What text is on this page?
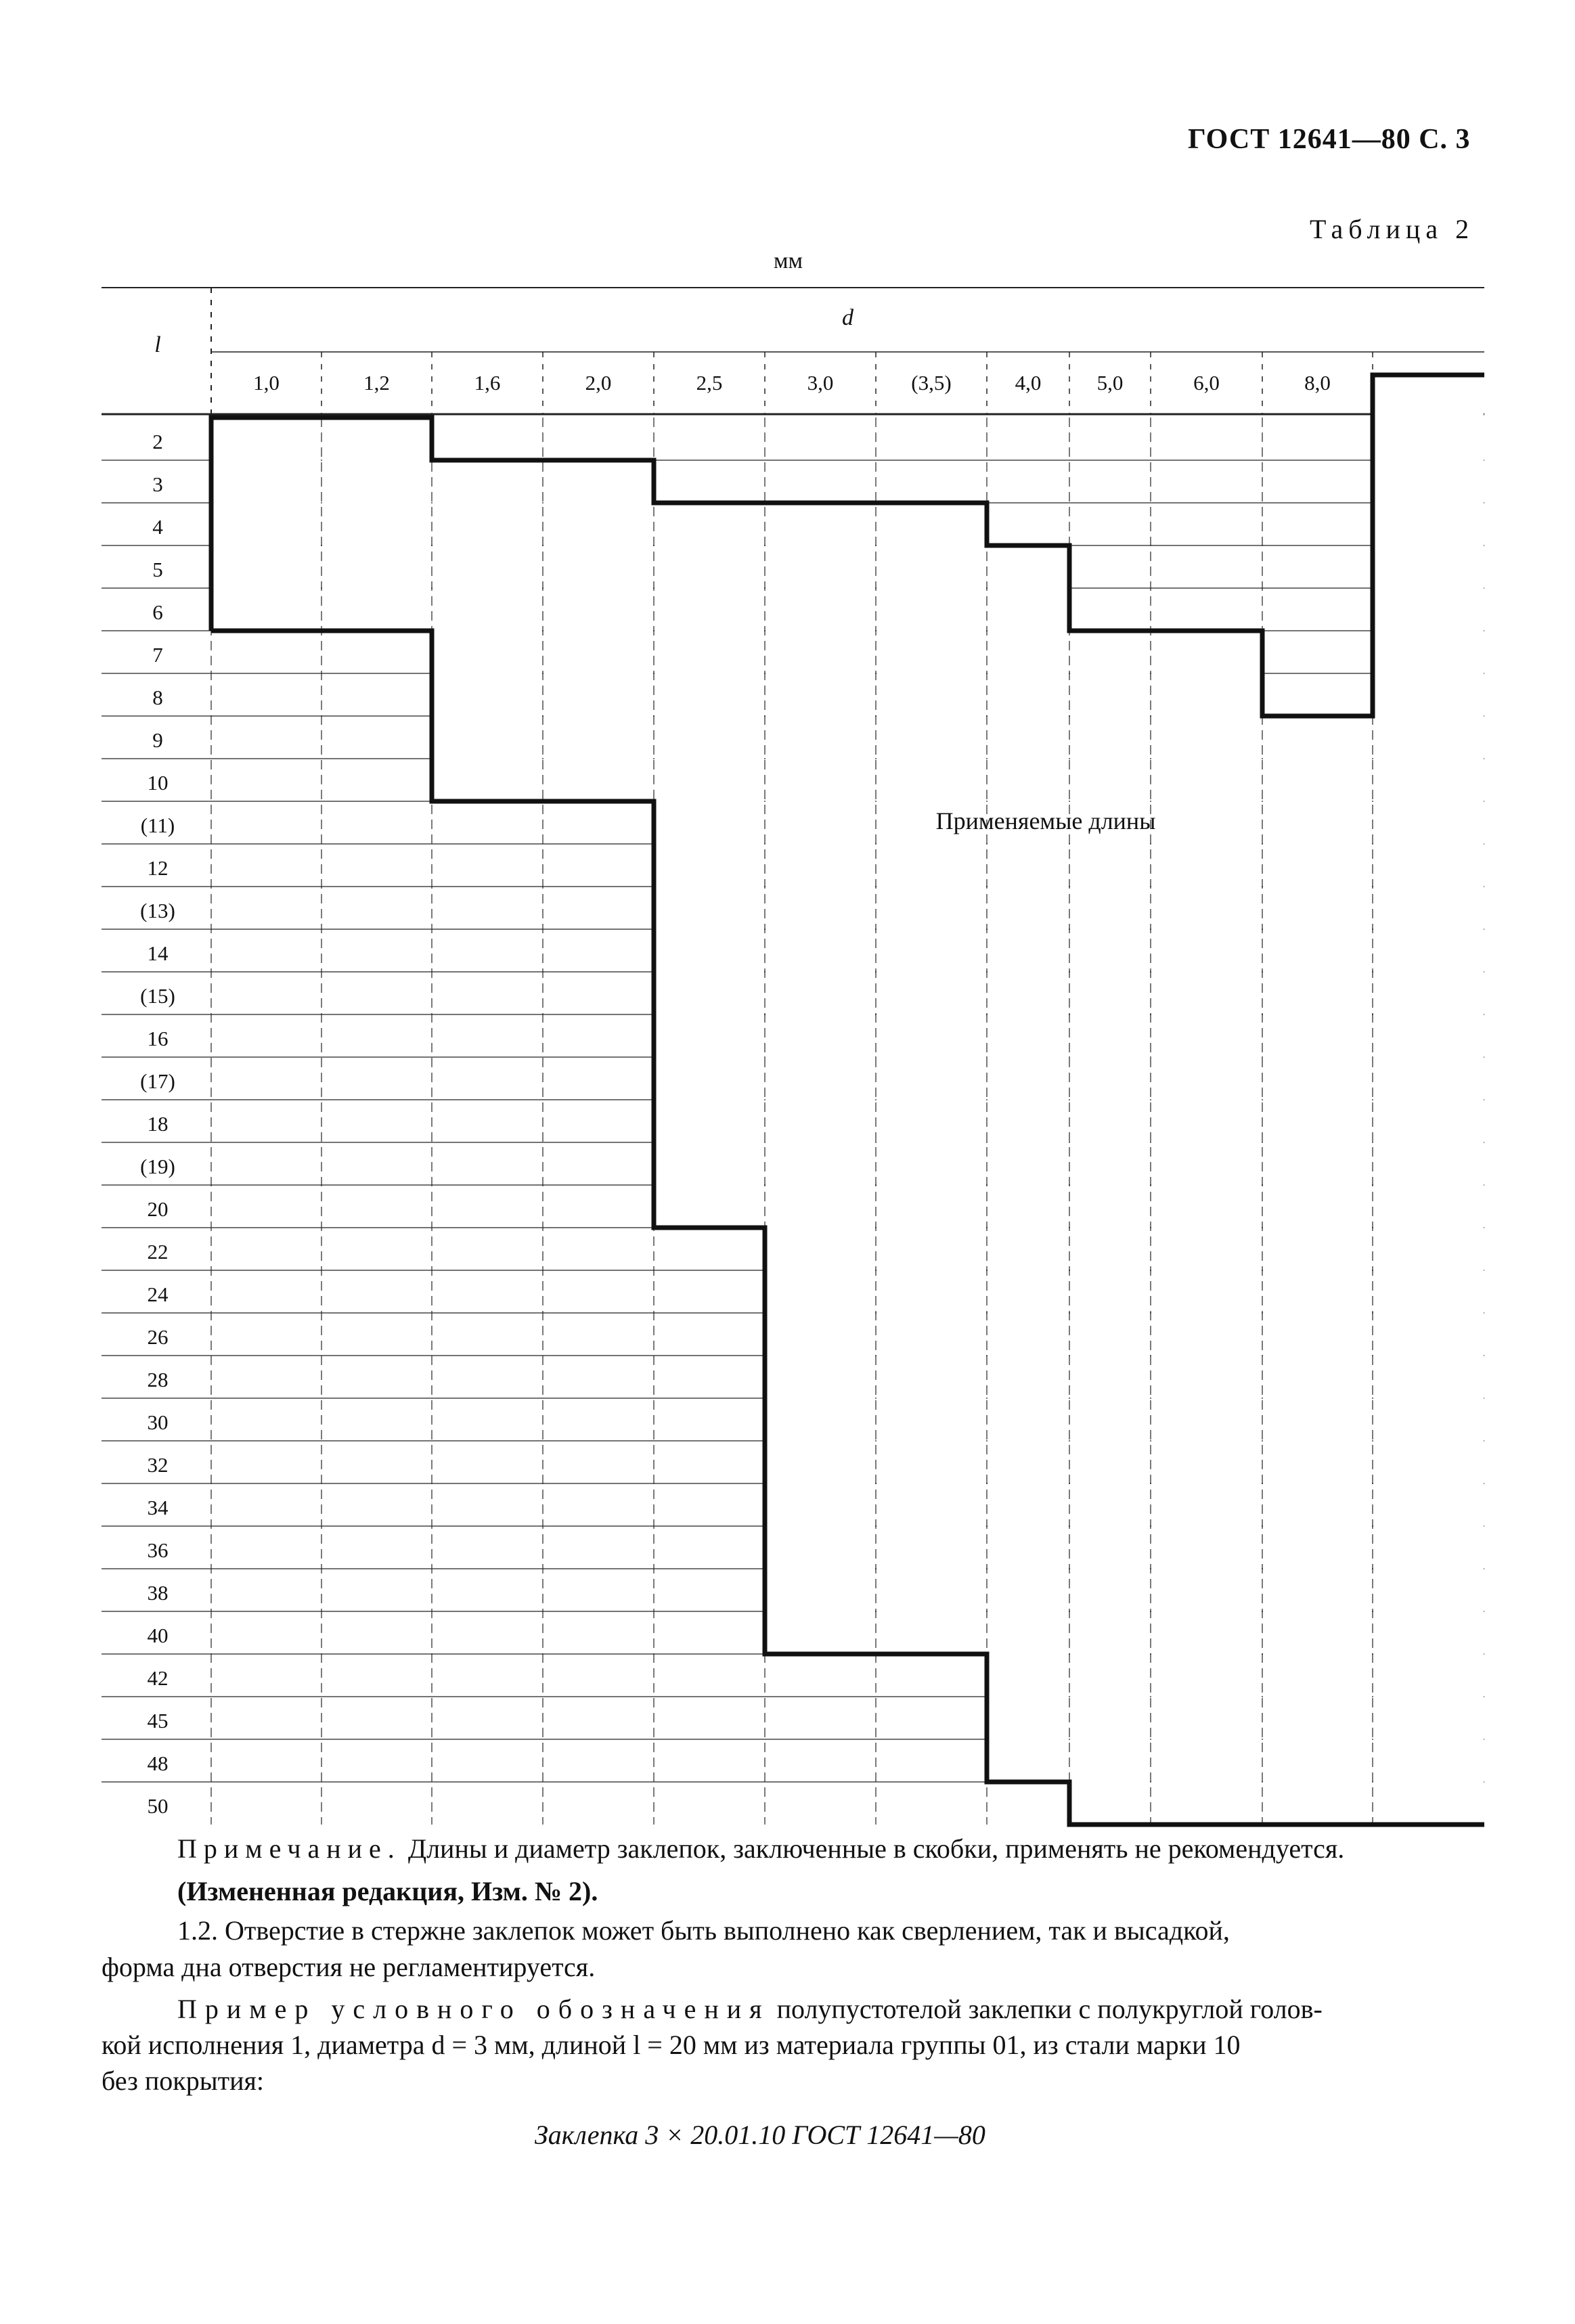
ГОСТ 12641—80 С. 3
Таблица 2
мм
l
d
1,0	1,2	1,6	2,0	2,5	3,0	(3,5)	4,0	5,0	6,0	8,0
2
3
4
5
6
7
8
9
10
(11)
12
(13)
14
(15)
16
(17)
18
(19)
20
22
24
26
28
30
32
34
36
38
40
42
45
48
50
Применяемые длины
Примечание. Длины и диаметр заклепок, заключенные в скобки, применять не рекомендуется.
(Измененная редакция, Изм. № 2).
1.2. Отверстие в стержне заклепок может быть выполнено как сверлением, так и высадкой,
форма дна отверстия не регламентируется.
Пример условного обозначения полупустотелой заклепки с полукруглой голов-
кой исполнения 1, диаметра d = 3 мм, длиной l = 20 мм из материала группы 01, из стали марки 10
без покрытия:
Заклепка 3 × 20.01.10 ГОСТ 12641—80
